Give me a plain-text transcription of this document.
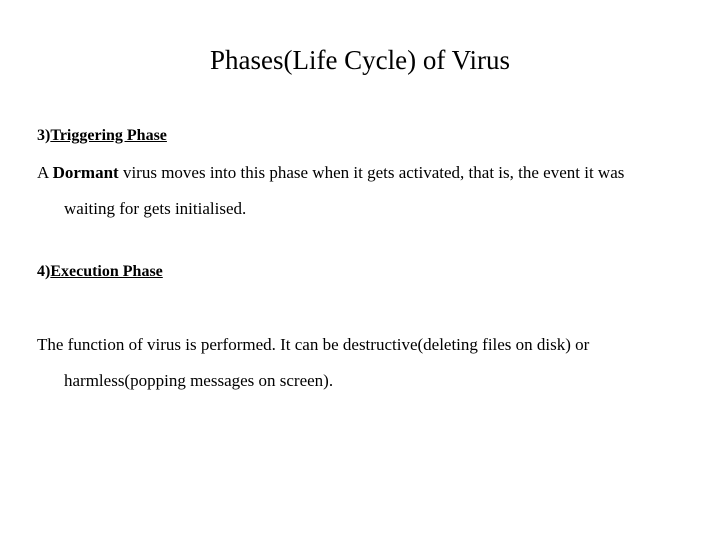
Phases(Life Cycle) of Virus
3)Triggering Phase
A Dormant virus moves into this phase when it gets activated, that is, the event it was
waiting for gets initialised.
4)Execution Phase
The function of virus is performed. It can be destructive(deleting files on disk) or
harmless(popping messages on screen).
